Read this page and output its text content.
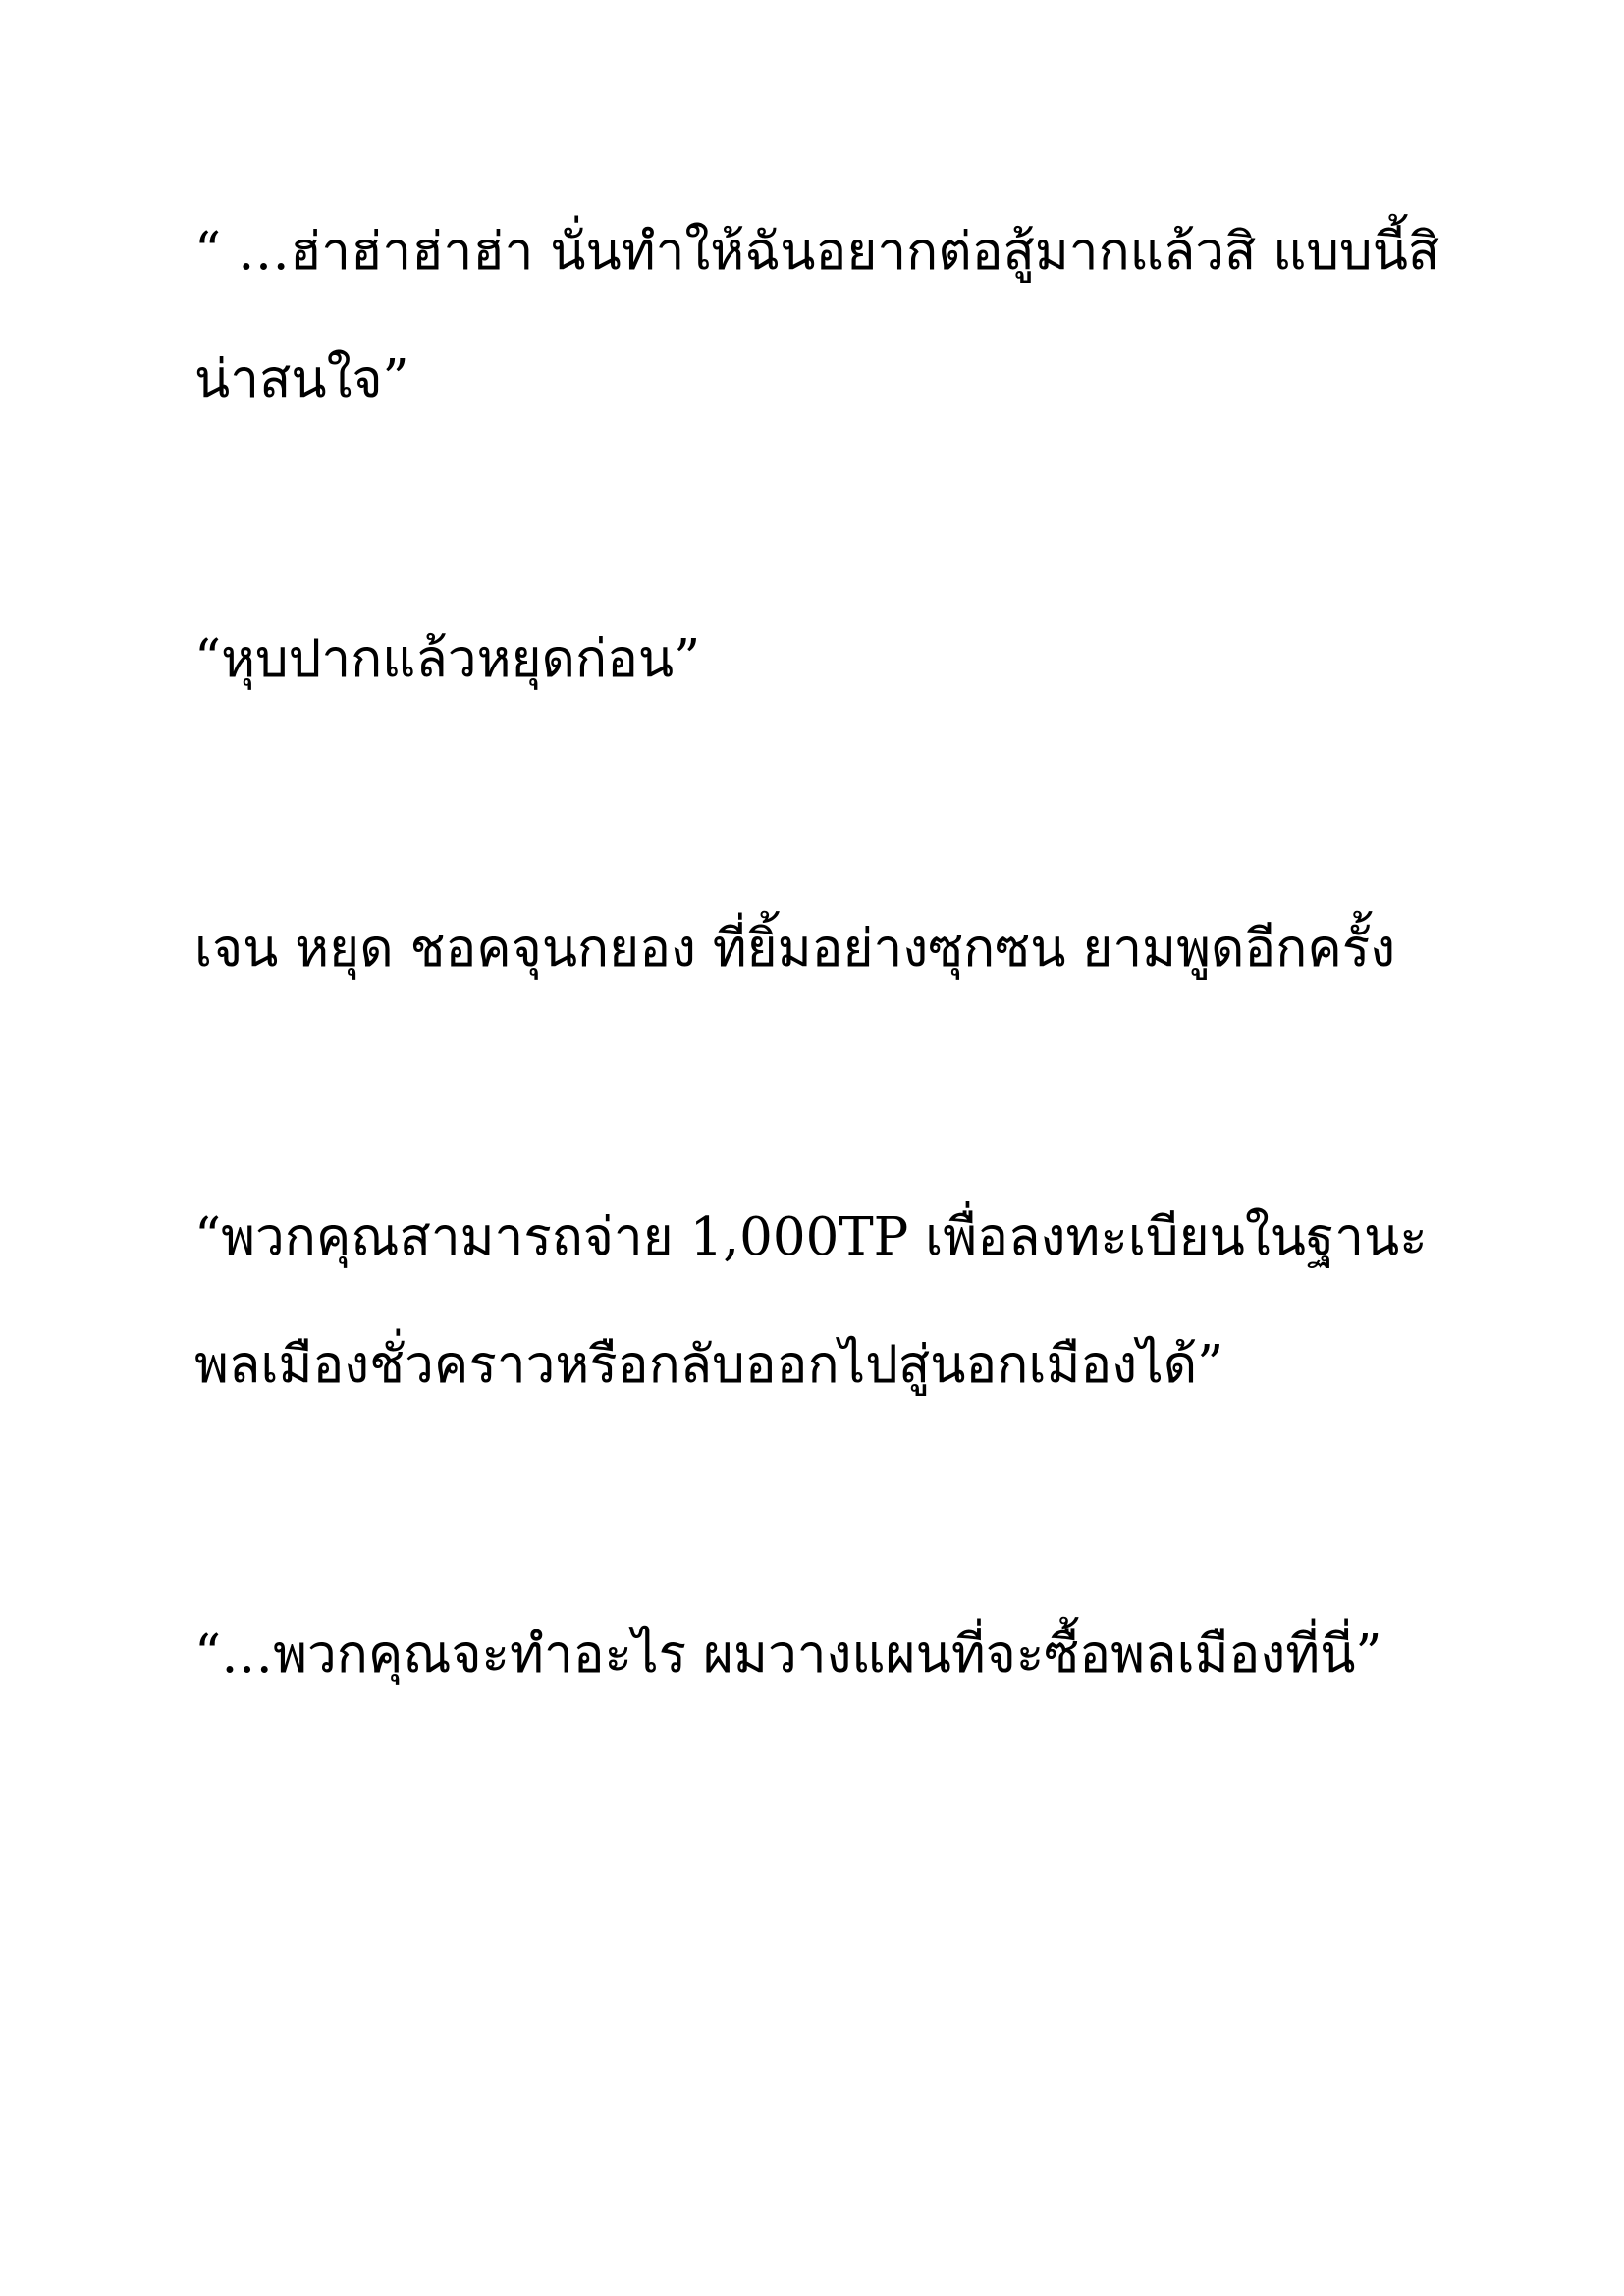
“ …ฮ่าฮ่าฮ่าฮ่า นั่นทำให้ฉันอยากต่อสู้มากแล้วสิ แบบนี้สิ
น่าสนใจ”

“หุบปากแล้วหยุดก่อน”

เจน หยุด ชอคจุนกยอง ที่ยิ้มอย่างซุกซน ยามพูดอีกครั้ง

“พวกคุณสามารถจ่าย 1,000TP เพื่อลงทะเบียนในฐานะ
พลเมืองชั่วคราวหรือกลับออกไปสู่นอกเมืองได้”

“…พวกคุณจะทำอะไร ผมวางแผนที่จะซื้อพลเมืองที่นี่”
